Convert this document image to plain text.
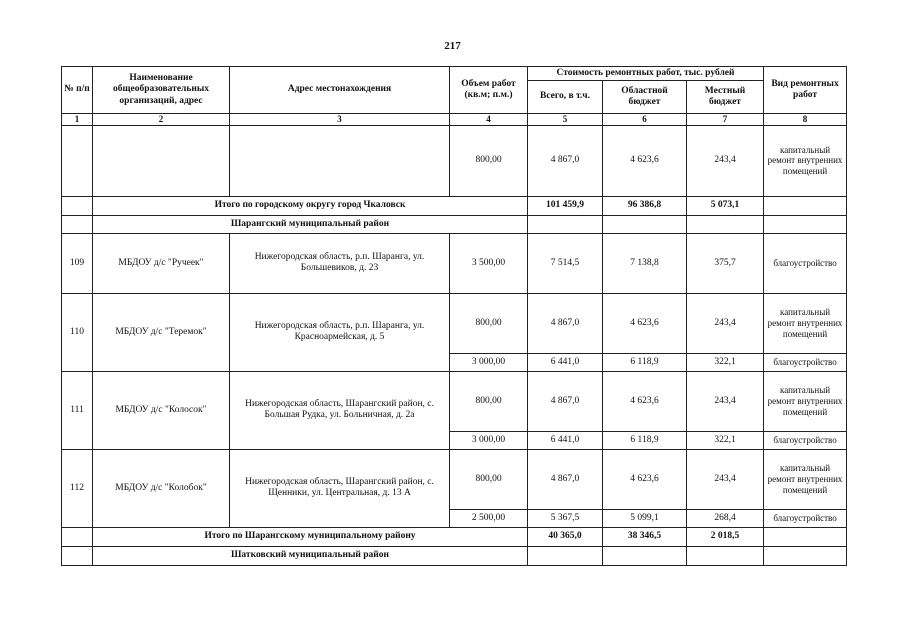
217
№ п/п	Наименование общеобразовательных организаций, адрес	Адрес местонахождения	Объем работ (кв.м; п.м.)	Стоимость ремонтных работ, тыс. рублей			Вид ремонтных работ
				Всего, в т.ч.	Областной бюджет	Местный бюджет	
1	2	3	4	5	6	7	8
			800,00	4 867,0	4 623,6	243,4	капитальный ремонт внутренних помещений
	Итого по городскому округу город Чкаловск			101 459,9	96 386,8	5 073,1	
	Шарангский муниципальный район						
109	МБДОУ д/с "Ручеек"	Нижегородская область, р.п. Шаранга, ул. Большевиков, д. 23	3 500,00	7 514,5	7 138,8	375,7	благоустройство
110	МБДОУ д/с "Теремок"	Нижегородская область, р.п. Шаранга, ул. Красноармейская, д. 5	800,00	4 867,0	4 623,6	243,4	капитальный ремонт внутренних помещений
			3 000,00	6 441,0	6 118,9	322,1	благоустройство
111	МБДОУ д/с "Колосок"	Нижегородская область, Шарангский район, с. Большая Рудка, ул. Больничная, д. 2а	800,00	4 867,0	4 623,6	243,4	капитальный ремонт внутренних помещений
			3 000,00	6 441,0	6 118,9	322,1	благоустройство
112	МБДОУ д/с "Колобок"	Нижегородская область, Шарангский район, с. Щенники, ул. Центральная, д. 13 А	800,00	4 867,0	4 623,6	243,4	капитальный ремонт внутренних помещений
			2 500,00	5 367,5	5 099,1	268,4	благоустройство
	Итого по Шарангскому муниципальному району			40 365,0	38 346,5	2 018,5	
	Шатковский муниципальный район						
